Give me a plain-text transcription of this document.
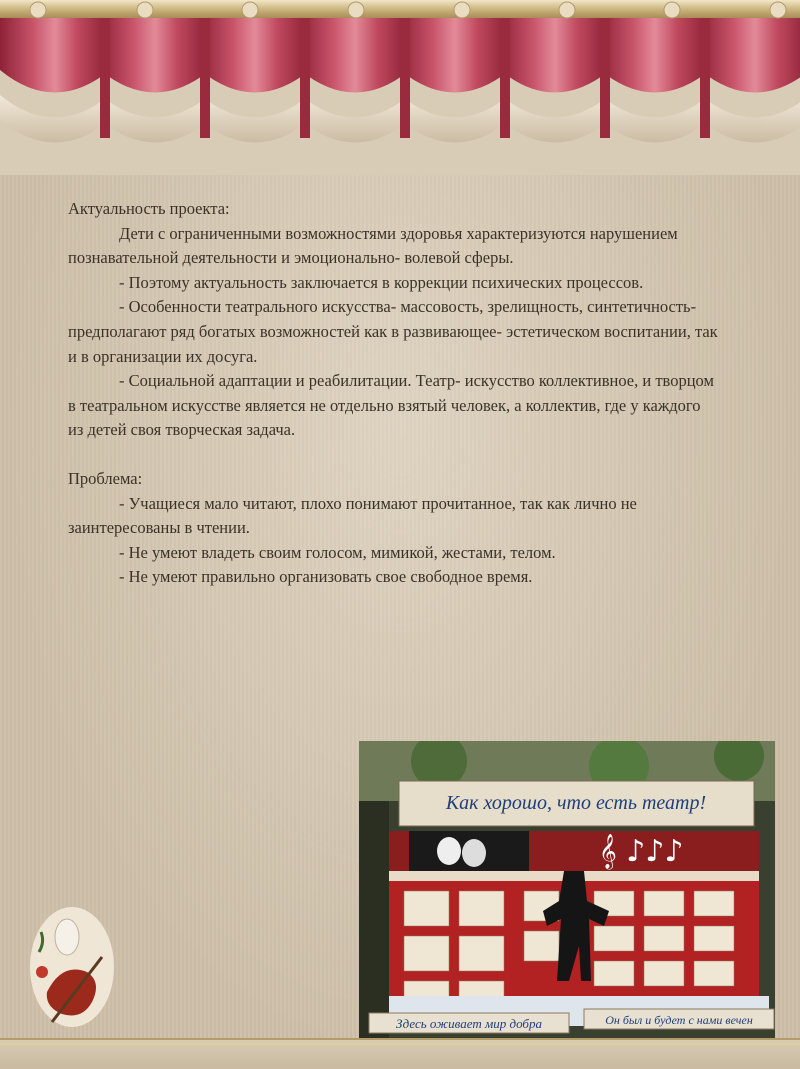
Актуальность проекта:

Дети с ограниченными возможностями здоровья характеризуются нарушением познавательной деятельности и эмоционально- волевой сферы.

- Поэтому актуальность заключается в коррекции психических процессов.

- Особенности театрального искусства- массовость, зрелищность, синтетичность- предполагают ряд богатых возможностей как в развивающее- эстетическом воспитании, так и в организации их досуга.

- Социальной адаптации и реабилитации. Театр- искусство коллективное, и творцом в театральном искусстве является не отдельно взятый человек, а коллектив, где у каждого из детей своя творческая задача.

Проблема:

- Учащиеся мало читают, плохо понимают прочитанное, так как лично не заинтересованы в чтении.

- Не умеют владеть своим голосом, мимикой, жестами, телом.

- Не умеют правильно организовать свое свободное время.

Как хорошо, что есть театр!
𝄞 ♪♪♪
Здесь оживает мир добра	Он был и будет с нами вечен
